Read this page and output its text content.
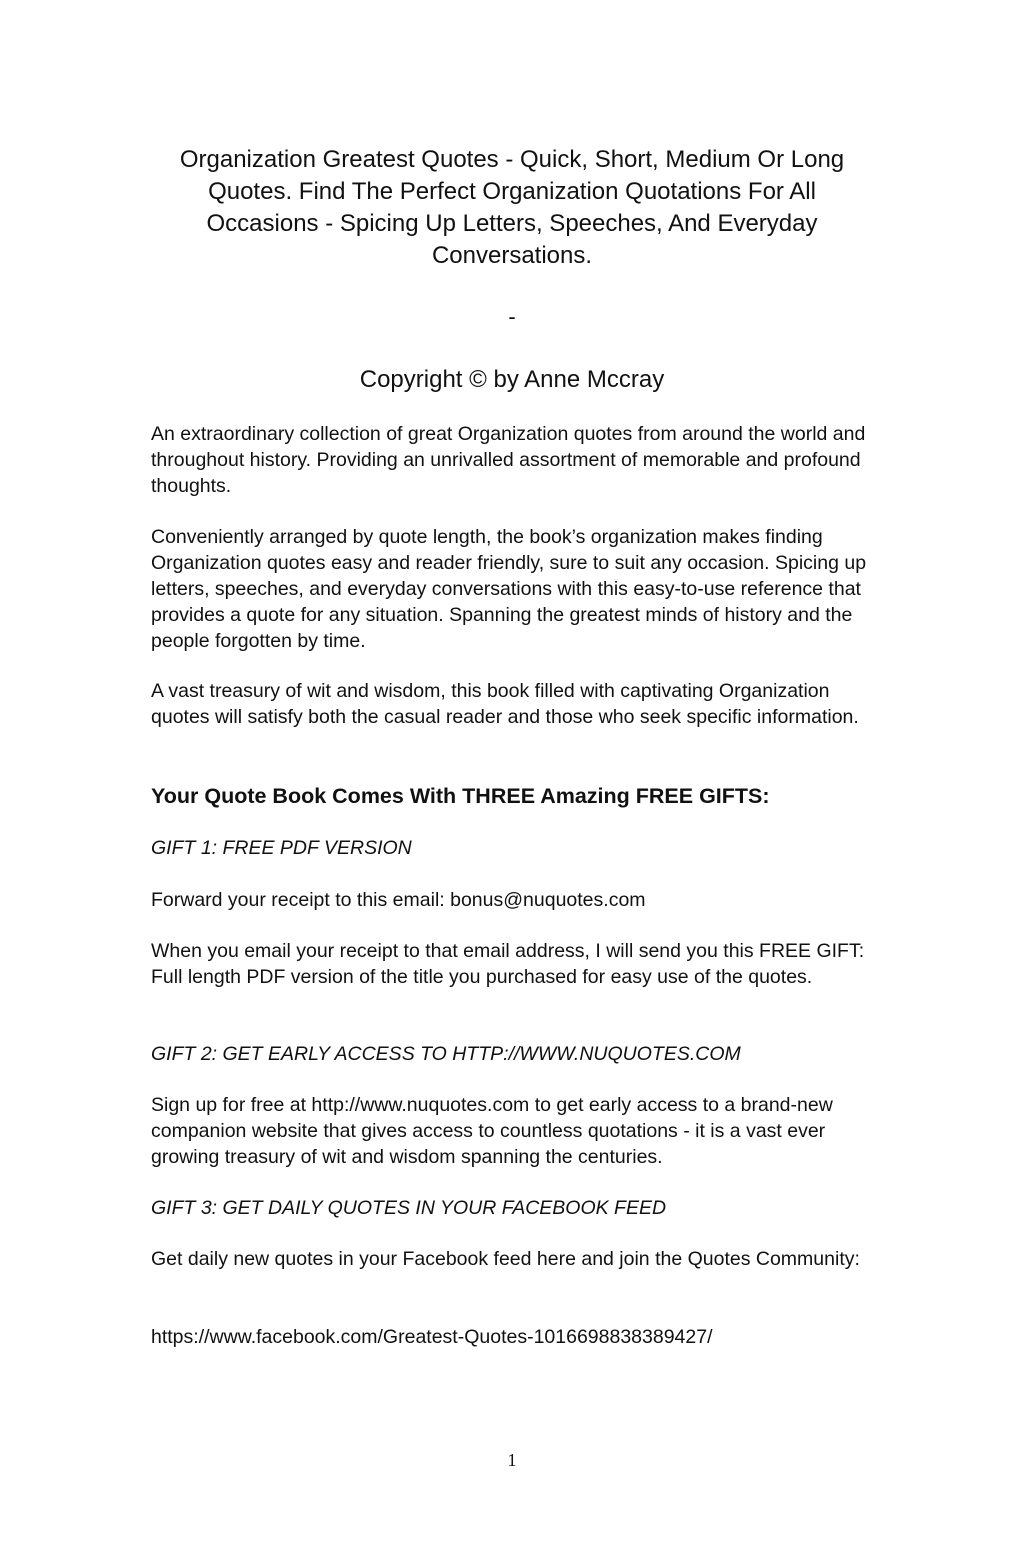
Organization Greatest Quotes - Quick, Short, Medium Or Long Quotes. Find The Perfect Organization Quotations For All Occasions - Spicing Up Letters, Speeches, And Everyday Conversations.

-

Copyright © by Anne Mccray

An extraordinary collection of great Organization quotes from around the world and throughout history. Providing an unrivalled assortment of memorable and profound thoughts.

Conveniently arranged by quote length, the book’s organization makes finding Organization quotes easy and reader friendly, sure to suit any occasion. Spicing up letters, speeches, and everyday conversations with this easy-to-use reference that provides a quote for any situation. Spanning the greatest minds of history and the people forgotten by time.

A vast treasury of wit and wisdom, this book filled with captivating Organization quotes will satisfy both the casual reader and those who seek specific information.

Your Quote Book Comes With THREE Amazing FREE GIFTS:

GIFT 1: FREE PDF VERSION

Forward your receipt to this email: bonus@nuquotes.com

When you email your receipt to that email address, I will send you this FREE GIFT: Full length PDF version of the title you purchased for easy use of the quotes.

GIFT 2: GET EARLY ACCESS TO HTTP://WWW.NUQUOTES.COM

Sign up for free at http://www.nuquotes.com to get early access to a brand-new companion website that gives access to countless quotations - it is a vast ever growing treasury of wit and wisdom spanning the centuries.

GIFT 3: GET DAILY QUOTES IN YOUR FACEBOOK FEED

Get daily new quotes in your Facebook feed here and join the Quotes Community:

https://www.facebook.com/Greatest-Quotes-1016698838389427/

1
